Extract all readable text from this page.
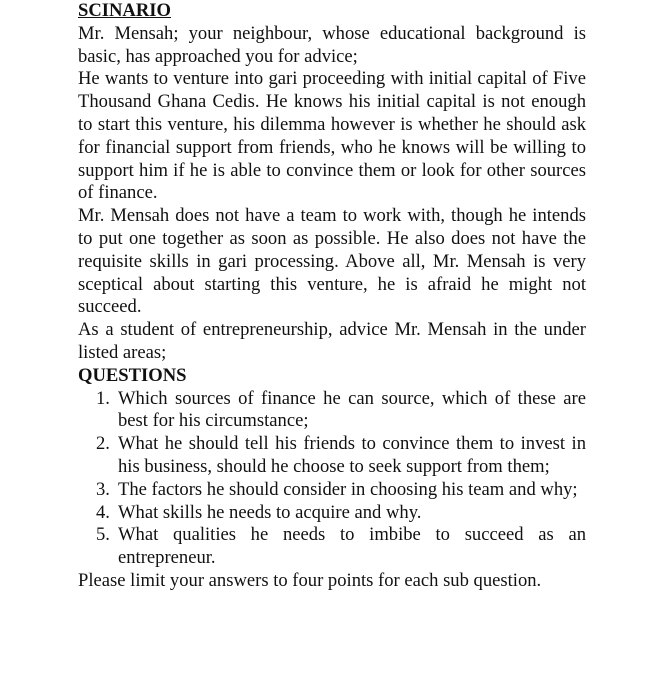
SCINARIO

Mr. Mensah; your neighbour, whose educational background is basic, has approached you for advice;

He wants to venture into gari proceeding with initial capital of Five Thousand Ghana Cedis. He knows his initial capital is not enough to start this venture, his dilemma however is whether he should ask for financial support from friends, who he knows will be willing to support him if he is able to convince them or look for other sources of finance.

Mr. Mensah does not have a team to work with, though he intends to put one together as soon as possible. He also does not have the requisite skills in gari processing. Above all, Mr. Mensah is very sceptical about starting this venture, he is afraid he might not succeed.

As a student of entrepreneurship, advice Mr. Mensah in the under listed areas;

QUESTIONS
1. Which sources of finance he can source, which of these are best for his circumstance;
2. What he should tell his friends to convince them to invest in his business, should he choose to seek support from them;
3. The factors he should consider in choosing his team and why;
4. What skills he needs to acquire and why.
5. What qualities he needs to imbibe to succeed as an entrepreneur.

Please limit your answers to four points for each sub question.
